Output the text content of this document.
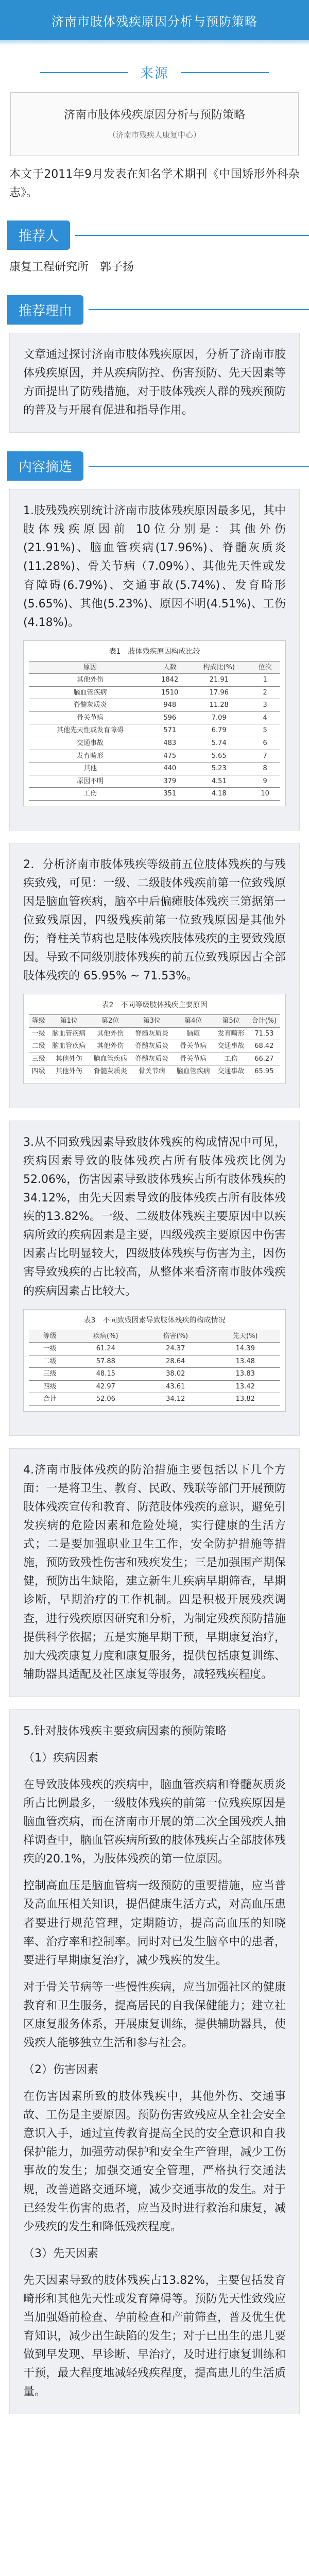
济南市肢体残疾原因分析与预防策略
来源
济南市肢体残疾原因分析与预防策略
（济南市残疾人康复中心）

本文于2011年9月发表在知名学术期刊《中国矫形外科杂志》。

推荐人

康复工程研究所　郭子扬

推荐理由

文章通过探讨济南市肢体残疾原因，分析了济南市肢体残疾原因，并从疾病防控、伤害预防、先天因素等方面提出了防残措施，对于肢体残疾人群的残疾预防的普及与开展有促进和指导作用。

内容摘选

1.肢残残疾别统计济南市肢体残疾原因最多见，其中肢体残疾原因前 10位分别是：其他外伤(21.91%)、脑血管疾病(17.96%)、脊髓灰质炎(11.28%)、骨关节病（7.09%）、其他先天性或发育障碍(6.79%)、交通事故(5.74%)、发育畸形(5.65%)、其他(5.23%)、原因不明(4.51%)、工伤(4.18%)。

表1　肢体残疾原因构成比较
原因	人数	构成比(%)	位次
其他外伤	1842	21.91	1
脑血管疾病	1510	17.96	2
脊髓灰质炎	948	11.28	3
骨关节病	596	7.09	4
其他先天性或发育障碍	571	6.79	5
交通事故	483	5.74	6
发育畸形	475	5.65	7
其他	440	5.23	8
原因不明	379	4.51	9
工伤	351	4.18	10

2．分析济南市肢体残疾等级前五位肢体残疾的与残疾致残，可见：一级、二级肢体残疾前第一位致残原因是脑血管疾病，脑卒中后偏瘫肢体残疾三第据第一位致残原因，四级残疾前第一位致残原因是其他外伤；脊柱关节病也是肢体残疾肢体残疾的主要致残原因。导致不同级别肢体残疾的前五位致残原因占全部肢体残疾的 65.95% ~ 71.53%。

表2　不同等级肢体残疾主要原因
等级	第1位	第2位	第3位	第4位	第5位	合计(%)
一级	脑血管疾病	其他外伤	脊髓灰质炎	脑瘫	发育畸形	71.53
二级	脑血管疾病	其他外伤	脊髓灰质炎	骨关节病	交通事故	68.42
三级	其他外伤	脑血管疾病	脊髓灰质炎	骨关节病	工伤	66.27
四级	其他外伤	脊髓灰质炎	骨关节病	脑血管疾病	交通事故	65.95

3.从不同致残因素导致肢体残疾的构成情况中可见，疾病因素导致的肢体残疾占所有肢体残疾比例为52.06%，伤害因素导致肢体残疾占所有肢体残疾的34.12%，由先天因素导致的肢体残疾占所有肢体残疾的13.82%。一级、二级肢体残疾主要原因中以疾病所致的疾病因素是主要，四级残疾主要原因中伤害因素占比明显较大，四级肢体残疾与伤害为主，因伤害导致残疾的占比较高，从整体来看济南市肢体残疾的疾病因素占比较大。

表3　不同致残因素导致肢体残疾的构成情况
等级	疾病(%)	伤害(%)	先天(%)
一级	61.24	24.37	14.39
二级	57.88	28.64	13.48
三级	48.15	38.02	13.83
四级	42.97	43.61	13.42
合计	52.06	34.12	13.82

4.济南市肢体残疾的防治措施主要包括以下几个方面：一是将卫生、教育、民政、残联等部门开展预防肢体残疾宣传和教育、防范肢体残疾的意识，避免引发疾病的危险因素和危险处境，实行健康的生活方式；二是要加强职业卫生工作，安全防护措施等措施，预防致残性伤害和残疾发生；三是加强围产期保健，预防出生缺陷，建立新生儿疾病早期筛查，早期诊断，早期治疗的工作机制。四是积极开展残疾调查，进行残疾原因研究和分析，为制定残疾预防措施提供科学依据；五是实施早期干预，早期康复治疗，加大残疾康复力度和康复服务，提供包括康复训练、辅助器具适配及社区康复等服务，减轻残疾程度。

5.针对肢体残疾主要致病因素的预防策略

（1）疾病因素

在导致肢体残疾的疾病中，脑血管疾病和脊髓灰质炎所占比例最多，一级肢体残疾的前第一位残疾原因是脑血管疾病，而在济南市开展的第二次全国残疾人抽样调查中，脑血管疾病所致的肢体残疾占全部肢体残疾的20.1%，为肢体残疾的第一位原因。

控制高血压是脑血管病一级预防的重要措施，应当普及高血压相关知识，提倡健康生活方式，对高血压患者要进行规范管理，定期随访，提高高血压的知晓率、治疗率和控制率。同时对已发生脑卒中的患者，要进行早期康复治疗，减少残疾的发生。

对于骨关节病等一些慢性疾病，应当加强社区的健康教育和卫生服务，提高居民的自我保健能力；建立社区康复服务体系，开展康复训练，提供辅助器具，使残疾人能够独立生活和参与社会。

（2）伤害因素

在伤害因素所致的肢体残疾中，其他外伤、交通事故、工伤是主要原因。预防伤害致残应从全社会安全意识入手，通过宣传教育提高全民的安全意识和自我保护能力，加强劳动保护和安全生产管理，减少工伤事故的发生；加强交通安全管理，严格执行交通法规，改善道路交通环境，减少交通事故的发生。对于已经发生伤害的患者，应当及时进行救治和康复，减少残疾的发生和降低残疾程度。

（3）先天因素

先天因素导致的肢体残疾占13.82%，主要包括发育畸形和其他先天性或发育障碍等。预防先天性致残应当加强婚前检查、孕前检查和产前筛查，普及优生优育知识，减少出生缺陷的发生；对于已出生的患儿要做到早发现、早诊断、早治疗，及时进行康复训练和干预，最大程度地减轻残疾程度，提高患儿的生活质量。
